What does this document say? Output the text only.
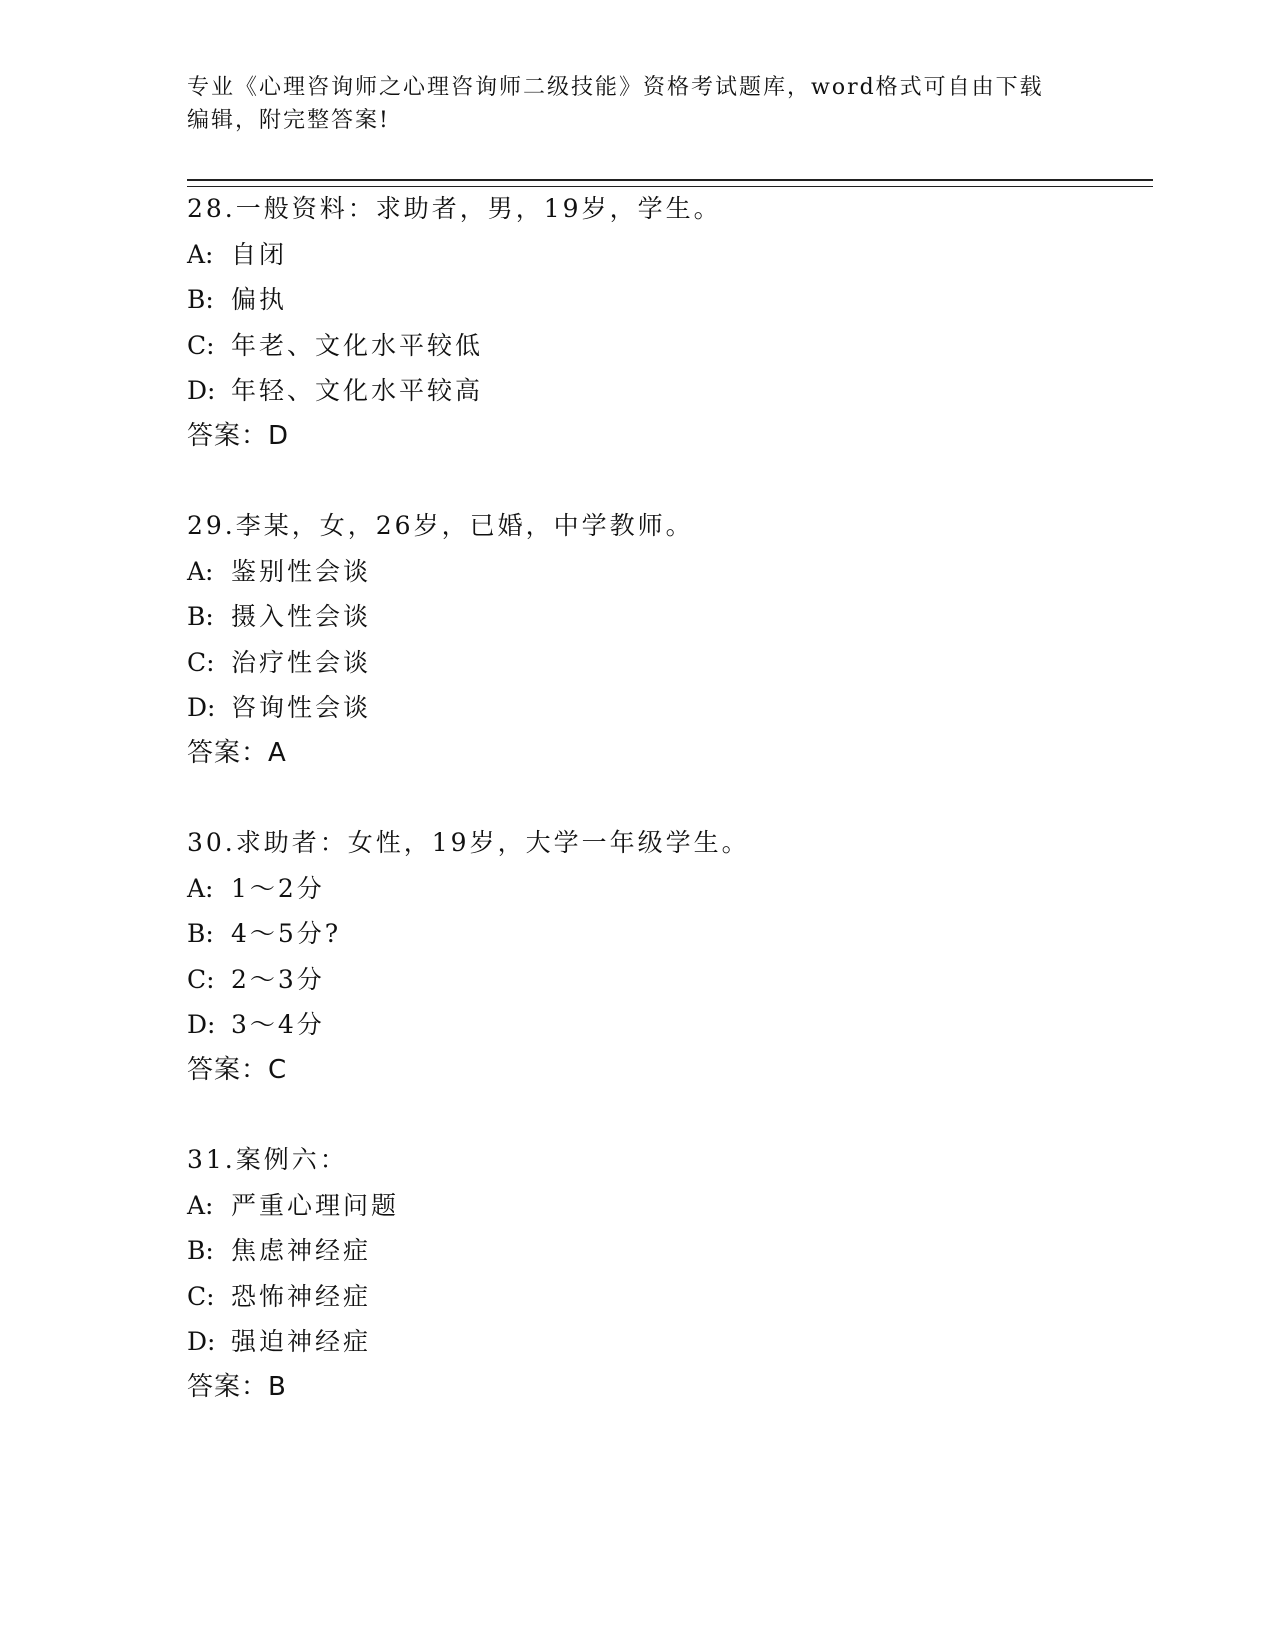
专业《心理咨询师之心理咨询师二级技能》资格考试题库，word格式可自由下载
编辑，附完整答案!
28.一般资料：求助者，男，19岁，学生。
A: 自闭
B: 偏执
C: 年老、文化水平较低
D: 年轻、文化水平较高
答案：D
29.李某，女，26岁，已婚，中学教师。
A: 鉴别性会谈
B: 摄入性会谈
C: 治疗性会谈
D: 咨询性会谈
答案：A
30.求助者：女性，19岁，大学一年级学生。
A: 1～2分
B: 4～5分?
C: 2～3分
D: 3～4分
答案：C
31.案例六：
A: 严重心理问题
B: 焦虑神经症
C: 恐怖神经症
D: 强迫神经症
答案：B
